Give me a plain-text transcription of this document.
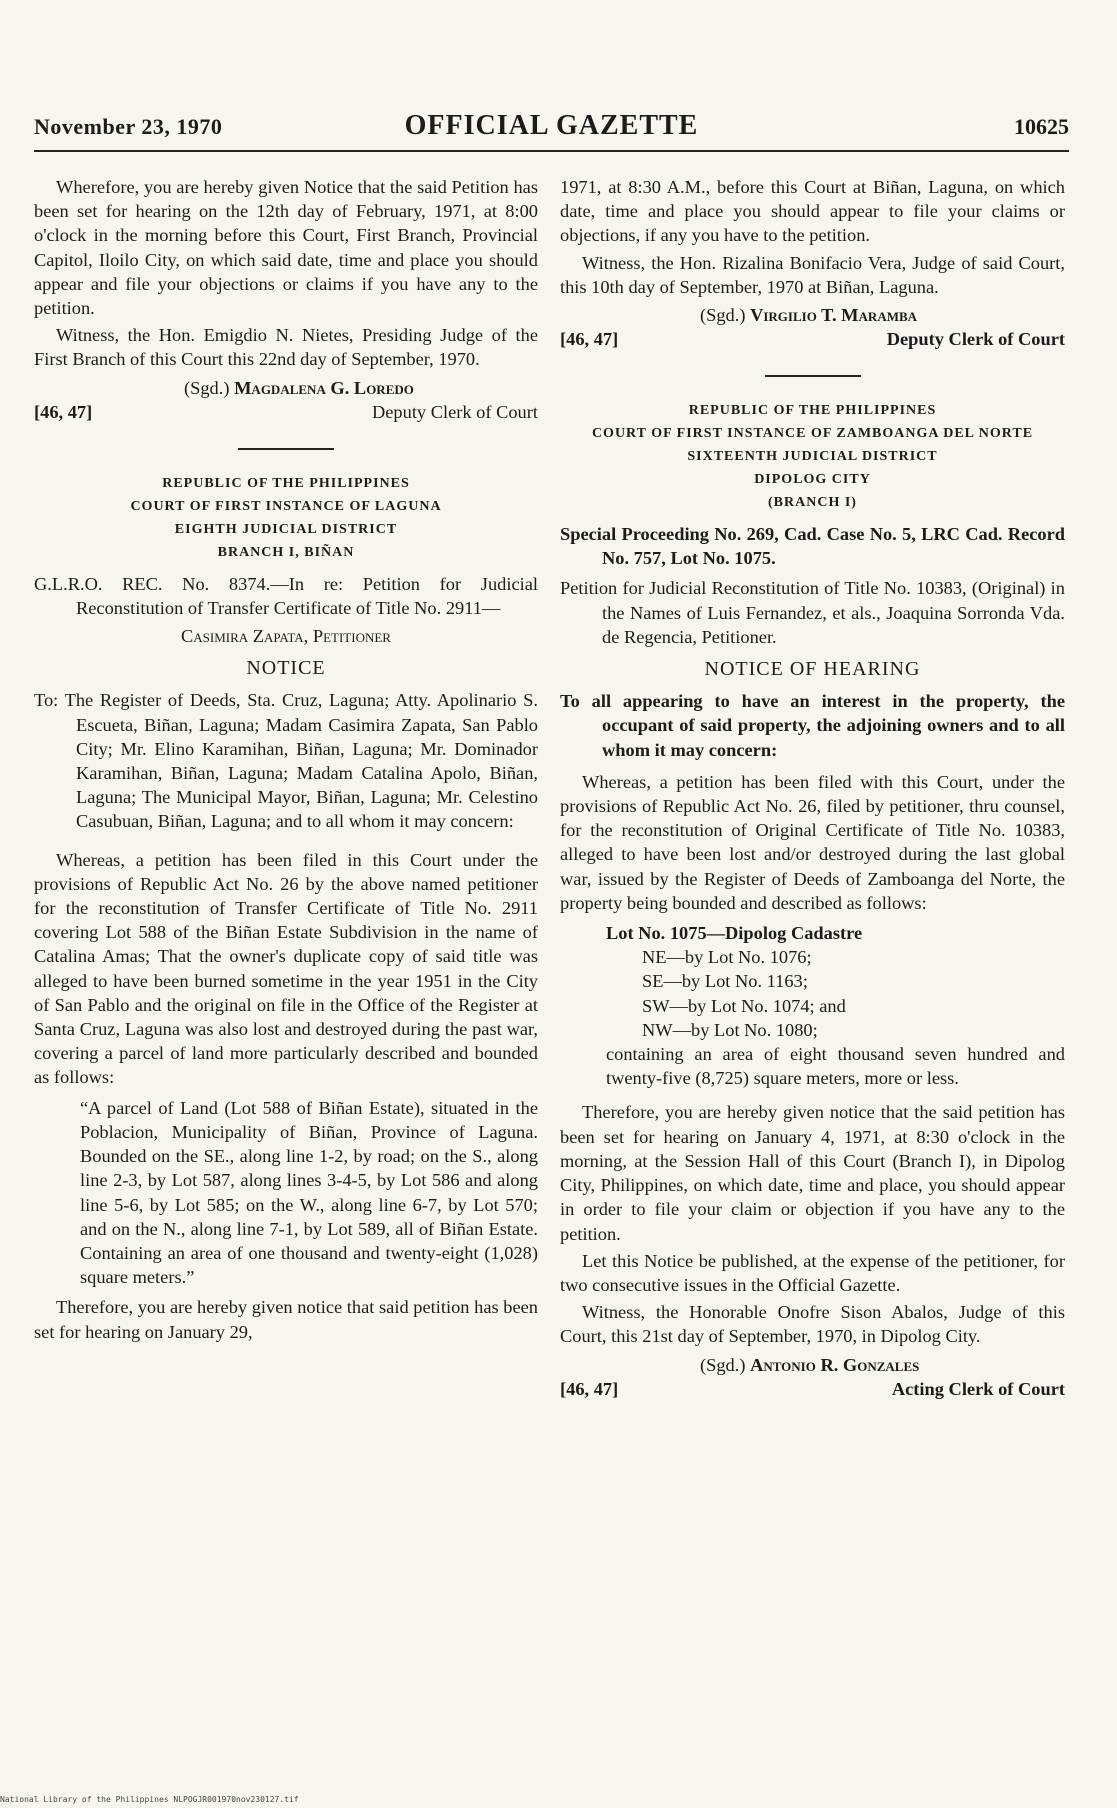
November 23, 1970	OFFICIAL GAZETTE	10625

Wherefore, you are hereby given Notice that the said Petition has been set for hearing on the 12th day of February, 1971, at 8:00 o'clock in the morning before this Court, First Branch, Provincial Capitol, Iloilo City, on which said date, time and place you should appear and file your objections or claims if you have any to the petition.

Witness, the Hon. Emigdio N. Nietes, Presiding Judge of the First Branch of this Court this 22nd day of September, 1970.

(Sgd.) Magdalena G. Loredo
[46, 47]	Deputy Clerk of Court
REPUBLIC OF THE PHILIPPINES
COURT OF FIRST INSTANCE OF LAGUNA
EIGHTH JUDICIAL DISTRICT
BRANCH I, BIÑAN

G.L.R.O. REC. No. 8374.—In re: Petition for Judicial Reconstitution of Transfer Certificate of Title No. 2911—

Casimira Zapata, Petitioner

NOTICE

To: The Register of Deeds, Sta. Cruz, Laguna; Atty. Apolinario S. Escueta, Biñan, Laguna; Madam Casimira Zapata, San Pablo City; Mr. Elino Karamihan, Biñan, Laguna; Mr. Dominador Karamihan, Biñan, Laguna; Madam Catalina Apolo, Biñan, Laguna; The Municipal Mayor, Biñan, Laguna; Mr. Celestino Casubuan, Biñan, Laguna; and to all whom it may concern:

Whereas, a petition has been filed in this Court under the provisions of Republic Act No. 26 by the above named petitioner for the reconstitution of Transfer Certificate of Title No. 2911 covering Lot 588 of the Biñan Estate Subdivision in the name of Catalina Amas; That the owner's duplicate copy of said title was alleged to have been burned sometime in the year 1951 in the City of San Pablo and the original on file in the Office of the Register at Santa Cruz, Laguna was also lost and destroyed during the past war, covering a parcel of land more particularly described and bounded as follows:

“A parcel of Land (Lot 588 of Biñan Estate), situated in the Poblacion, Municipality of Biñan, Province of Laguna. Bounded on the SE., along line 1-2, by road; on the S., along line 2-3, by Lot 587, along lines 3-4-5, by Lot 586 and along line 5-6, by Lot 585; on the W., along line 6-7, by Lot 570; and on the N., along line 7-1, by Lot 589, all of Biñan Estate. Containing an area of one thousand and twenty-eight (1,028) square meters.”

Therefore, you are hereby given notice that said petition has been set for hearing on January 29,

1971, at 8:30 A.M., before this Court at Biñan, Laguna, on which date, time and place you should appear to file your claims or objections, if any you have to the petition.

Witness, the Hon. Rizalina Bonifacio Vera, Judge of said Court, this 10th day of September, 1970 at Biñan, Laguna.

(Sgd.) Virgilio T. Maramba
[46, 47]	Deputy Clerk of Court
REPUBLIC OF THE PHILIPPINES
COURT OF FIRST INSTANCE OF ZAMBOANGA DEL NORTE
SIXTEENTH JUDICIAL DISTRICT
DIPOLOG CITY
(BRANCH I)

Special Proceeding No. 269, Cad. Case No. 5, LRC Cad. Record No. 757, Lot No. 1075.

Petition for Judicial Reconstitution of Title No. 10383, (Original) in the Names of Luis Fernandez, et als., Joaquina Sorronda Vda. de Regencia, Petitioner.

NOTICE OF HEARING

To all appearing to have an interest in the property, the occupant of said property, the adjoining owners and to all whom it may concern:

Whereas, a petition has been filed with this Court, under the provisions of Republic Act No. 26, filed by petitioner, thru counsel, for the reconstitution of Original Certificate of Title No. 10383, alleged to have been lost and/or destroyed during the last global war, issued by the Register of Deeds of Zamboanga del Norte, the property being bounded and described as follows:

Lot No. 1075—Dipolog Cadastre
NE—by Lot No. 1076;
SE—by Lot No. 1163;
SW—by Lot No. 1074; and
NW—by Lot No. 1080;
containing an area of eight thousand seven hundred and twenty-five (8,725) square meters, more or less.

Therefore, you are hereby given notice that the said petition has been set for hearing on January 4, 1971, at 8:30 o'clock in the morning, at the Session Hall of this Court (Branch I), in Dipolog City, Philippines, on which date, time and place, you should appear in order to file your claim or objection if you have any to the petition.

Let this Notice be published, at the expense of the petitioner, for two consecutive issues in the Official Gazette.

Witness, the Honorable Onofre Sison Abalos, Judge of this Court, this 21st day of September, 1970, in Dipolog City.

(Sgd.) Antonio R. Gonzales
[46, 47]	Acting Clerk of Court
National Library of the Philippines NLPOGJR001970nov230127.tif
